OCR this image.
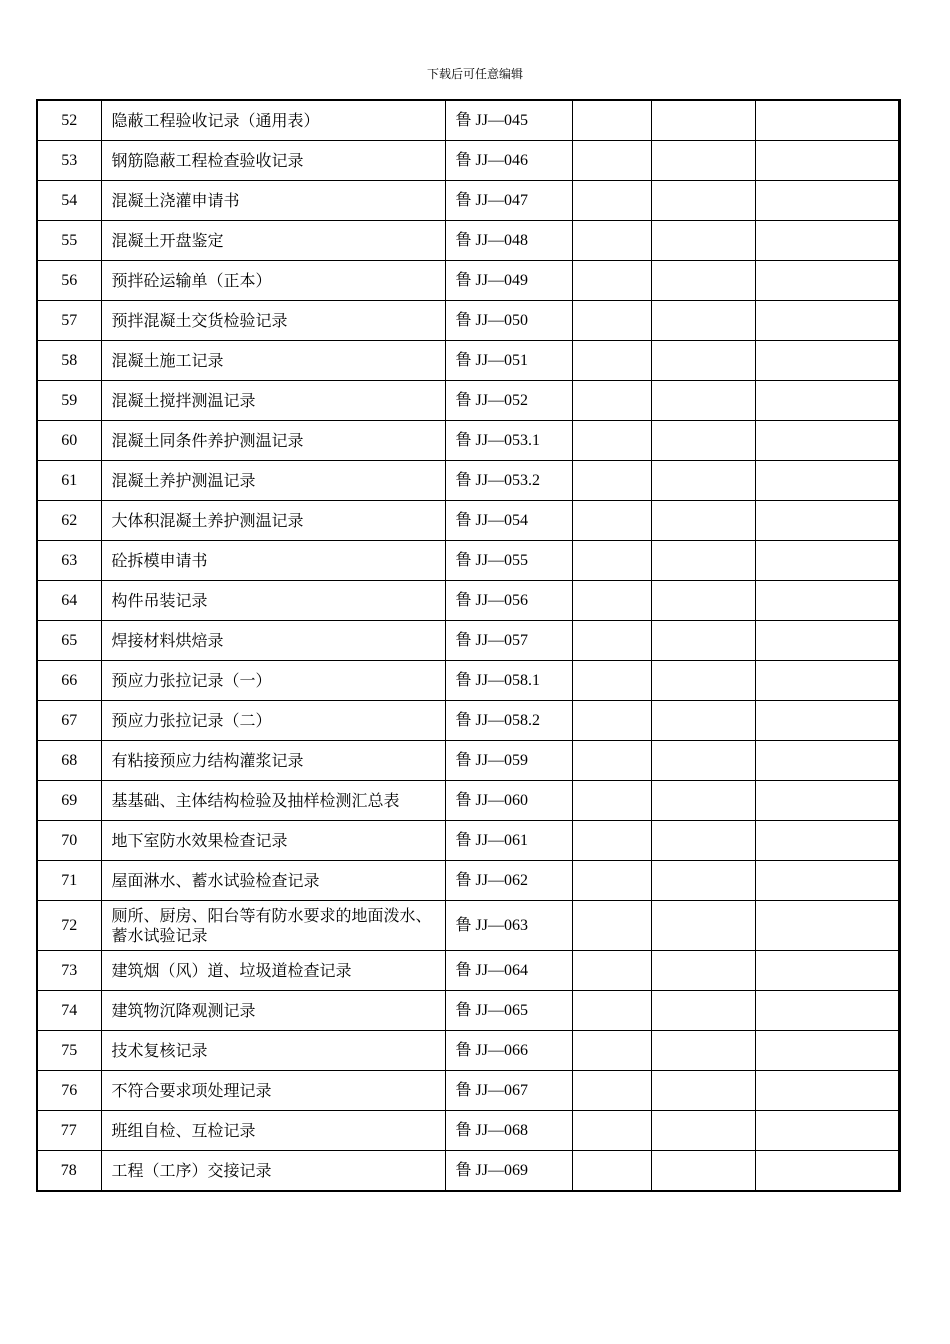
下载后可任意编辑
52	隐蔽工程验收记录（通用表）	鲁 JJ—045			
53	钢筋隐蔽工程检查验收记录	鲁 JJ—046			
54	混凝土浇灌申请书	鲁 JJ—047			
55	混凝土开盘鉴定	鲁 JJ—048			
56	预拌砼运输单（正本）	鲁 JJ—049			
57	预拌混凝土交货检验记录	鲁 JJ—050			
58	混凝土施工记录	鲁 JJ—051			
59	混凝土搅拌测温记录	鲁 JJ—052			
60	混凝土同条件养护测温记录	鲁 JJ—053.1			
61	混凝土养护测温记录	鲁 JJ—053.2			
62	大体积混凝土养护测温记录	鲁 JJ—054			
63	砼拆模申请书	鲁 JJ—055			
64	构件吊装记录	鲁 JJ—056			
65	焊接材料烘焙录	鲁 JJ—057			
66	预应力张拉记录（一）	鲁 JJ—058.1			
67	预应力张拉记录（二）	鲁 JJ—058.2			
68	有粘接预应力结构灌浆记录	鲁 JJ—059			
69	基基础、主体结构检验及抽样检测汇总表	鲁 JJ—060			
70	地下室防水效果检查记录	鲁 JJ—061			
71	屋面淋水、蓄水试验检查记录	鲁 JJ—062			
72	厕所、厨房、阳台等有防水要求的地面泼水、蓄水试验记录	鲁 JJ—063			
73	建筑烟（风）道、垃圾道检查记录	鲁 JJ—064			
74	建筑物沉降观测记录	鲁 JJ—065			
75	技术复核记录	鲁 JJ—066			
76	不符合要求项处理记录	鲁 JJ—067			
77	班组自检、互检记录	鲁 JJ—068			
78	工程（工序）交接记录	鲁 JJ—069			
